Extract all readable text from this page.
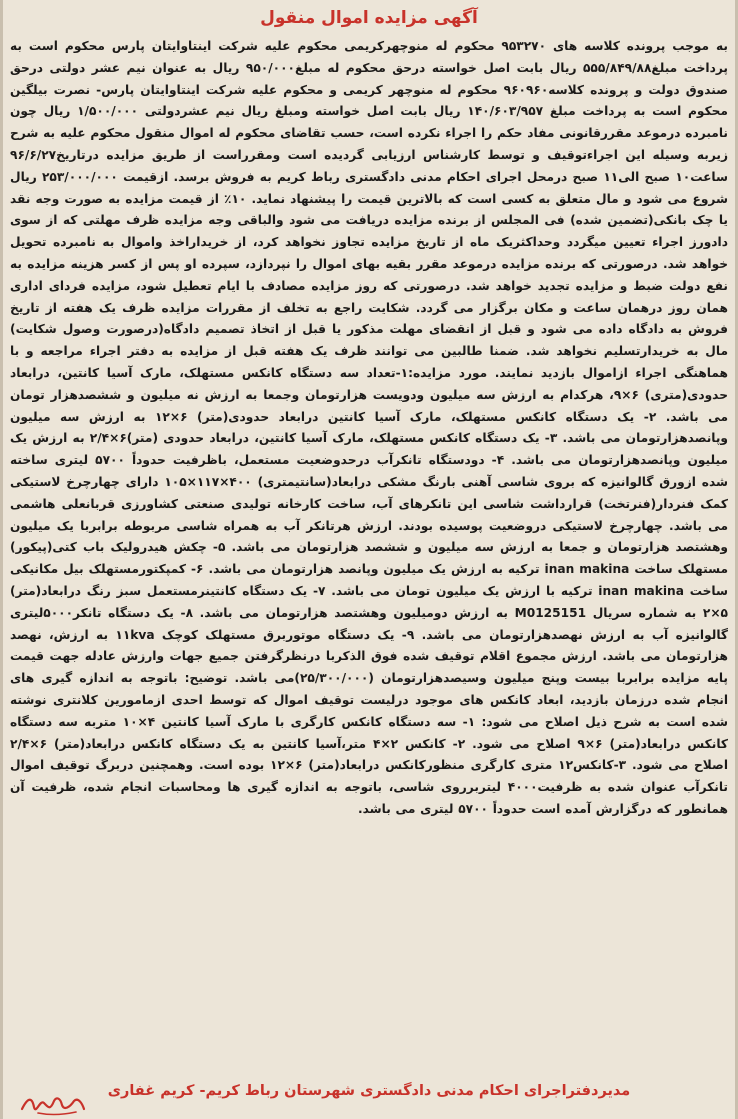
آگهی مزایده اموال منقول

به موجب پرونده کلاسه های ۹۵۳۲۷۰ محکوم له منوچهرکریمی محکوم علیه شرکت اینتاوایتان پارس محکوم است به پرداخت مبلغ۵۵۵/۸۴۹/۸۸ ریال بابت اصل خواسته درحق محکوم له مبلغ۹۵۰/۰۰۰ ریال به عنوان نیم عشر دولتی درحق صندوق دولت و پرونده کلاسه۹۶۰۹۶۰ محکوم له منوچهر کریمی و محکوم علیه شرکت اینتاوایتان پارس- نصرت بیلگین محکوم است به پرداخت مبلغ ۱۴۰/۶۰۳/۹۵۷ ریال بابت اصل خواسته ومبلغ ریال نیم عشردولتی ۱/۵۰۰/۰۰۰ ریال چون نامبرده درموعد مقررقانونی مفاد حکم را اجراء نکرده است، حسب تقاضای محکوم له اموال منقول محکوم علیه به شرح زیربه وسیله این اجراءتوقیف و توسط کارشناس ارزیابی گردیده است ومقرراست از طریق مزایده درتاریخ۹۶/۶/۲۷ ساعت۱۰ صبح الی۱۱ صبح درمحل اجرای احکام مدنی دادگستری رباط کریم به فروش برسد. ازقیمت ۲۵۳/۰۰۰/۰۰۰ ریال شروع می شود و مال متعلق به کسی است که بالاترین قیمت را پیشنهاد نماید. ۱۰٪ از قیمت مزایده به صورت وجه نقد یا چک بانکی(تضمین شده) فی المجلس از برنده مزایده دریافت می شود والباقی وجه مزایده ظرف مهلتی که از سوی دادورز اجراء تعیین میگردد وحداکثریک ماه از تاریخ مزایده تجاوز نخواهد کرد، از خریداراخذ واموال به نامبرده تحویل خواهد شد. درصورتی که برنده مزایده درموعد مقرر بقیه بهای اموال را نپردازد، سپرده او پس از کسر هزینه مزایده به نفع دولت ضبط و مزایده تجدید خواهد شد. درصورتی که روز مزایده مصادف با ایام تعطیل شود، مزایده فردای اداری همان روز درهمان ساعت و مکان برگزار می گردد. شکایت راجع به تخلف از مقررات مزایده ظرف یک هفته از تاریخ فروش به دادگاه داده می شود و قبل از انقضای مهلت مذکور یا قبل از اتخاذ تصمیم دادگاه(درصورت وصول شکایت) مال به خریدارتسلیم نخواهد شد. ضمنا طالبین می توانند ظرف یک هفته قبل از مزایده به دفتر اجراء مراجعه و با هماهنگی اجراء ازاموال بازدید نمایند. مورد مزایده:۱-تعداد سه دستگاه کانکس مستهلک، مارک آسیا کانتین، درابعاد حدودی(متری) ۶×۹، هرکدام به ارزش سه میلیون ودویست هزارتومان وجمعا به ارزش نه میلیون و ششصدهزار تومان می باشد. ۲- یک دستگاه کانکس مستهلک، مارک آسیا کانتین درابعاد حدودی(متر) ۶×۱۲ به ارزش سه میلیون وپانصدهزارتومان می باشد. ۳- یک دستگاه کانکس مستهلک، مارک آسیا کانتین، درابعاد حدودی (متر)۶×۲/۴ به ارزش یک میلیون وپانصدهزارتومان می باشد. ۴- دودستگاه تانکرآب درحدوضعیت مستعمل، باظرفیت حدوداً ۵۷۰۰ لیتری ساخته شده ازورق گالوانیزه که بروی شاسی آهنی بارنگ مشکی درابعاد(سانتیمتری) ۴۰۰×۱۱۷×۱۰۵ دارای چهارچرخ لاستیکی کمک فنردار(فنرتخت) قرارداشت شاسی این تانکرهای آب، ساخت کارخانه تولیدی صنعتی کشاورزی قربانعلی هاشمی می باشد. چهارچرخ لاستیکی دروضعیت پوسیده بودند. ارزش هرتانکر آب به همراه شاسی مربوطه برابربا یک میلیون وهشتصد هزارتومان و جمعا به ارزش سه میلیون و ششصد هزارتومان می باشد. ۵- چکش هیدرولیک باب کتی(پیکور) مستهلک ساخت inan makina ترکیه به ارزش یک میلیون وپانصد هزارتومان می باشد. ۶- کمپکتورمستهلک بیل مکانیکی ساخت inan makina ترکیه با ارزش یک میلیون تومان می باشد. ۷- یک دستگاه کانتینرمستعمل سبز رنگ درابعاد(متر) ۵×۲ به شماره سریال M0125151 به ارزش دومیلیون وهشتصد هزارتومان می باشد. ۸- یک دستگاه تانکر۵۰۰۰لیتری گالوانیزه آب به ارزش نهصدهزارتومان می باشد. ۹- یک دستگاه موتوربرق مستهلک کوچک ۱۱kva به ارزش، نهصد هزارتومان می باشد. ارزش مجموع اقلام توقیف شده فوق الذکربا درنظرگرفتن جمیع جهات وارزش عادله جهت قیمت پایه مزایده برابربا بیست وپنج میلیون وسیصدهزارتومان (۲۵/۳۰۰/۰۰۰)می باشد. توضیح: باتوجه به اندازه گیری های انجام شده درزمان بازدید، ابعاد کانکس های موجود درلیست توقیف اموال که توسط احدی ازمامورین کلانتری نوشته شده است به شرح ذیل اصلاح می شود: ۱- سه دستگاه کانکس کارگری با مارک آسیا کانتین ۴×۱۰ متربه سه دستگاه کانکس درابعاد(متر) ۶×۹ اصلاح می شود. ۲- کانکس ۲×۴ متر،آسیا کانتین به یک دستگاه کانکس درابعاد(متر) ۶×۲/۴ اصلاح می شود. ۳-کانکس۱۲ متری کارگری منظورکانکس درابعاد(متر) ۶×۱۲ بوده است. وهمچنین دربرگ توقیف اموال تانکرآب عنوان شده به ظرفیت۴۰۰۰ لیتربرروی شاسی، باتوجه به اندازه گیری ها ومحاسبات انجام شده، ظرفیت آن همانطور که درگزارش آمده است حدوداً ۵۷۰۰ لیتری می باشد.

مدیردفتراجرای احکام مدنی دادگستری شهرستان رباط کریم- کریم غفاری
